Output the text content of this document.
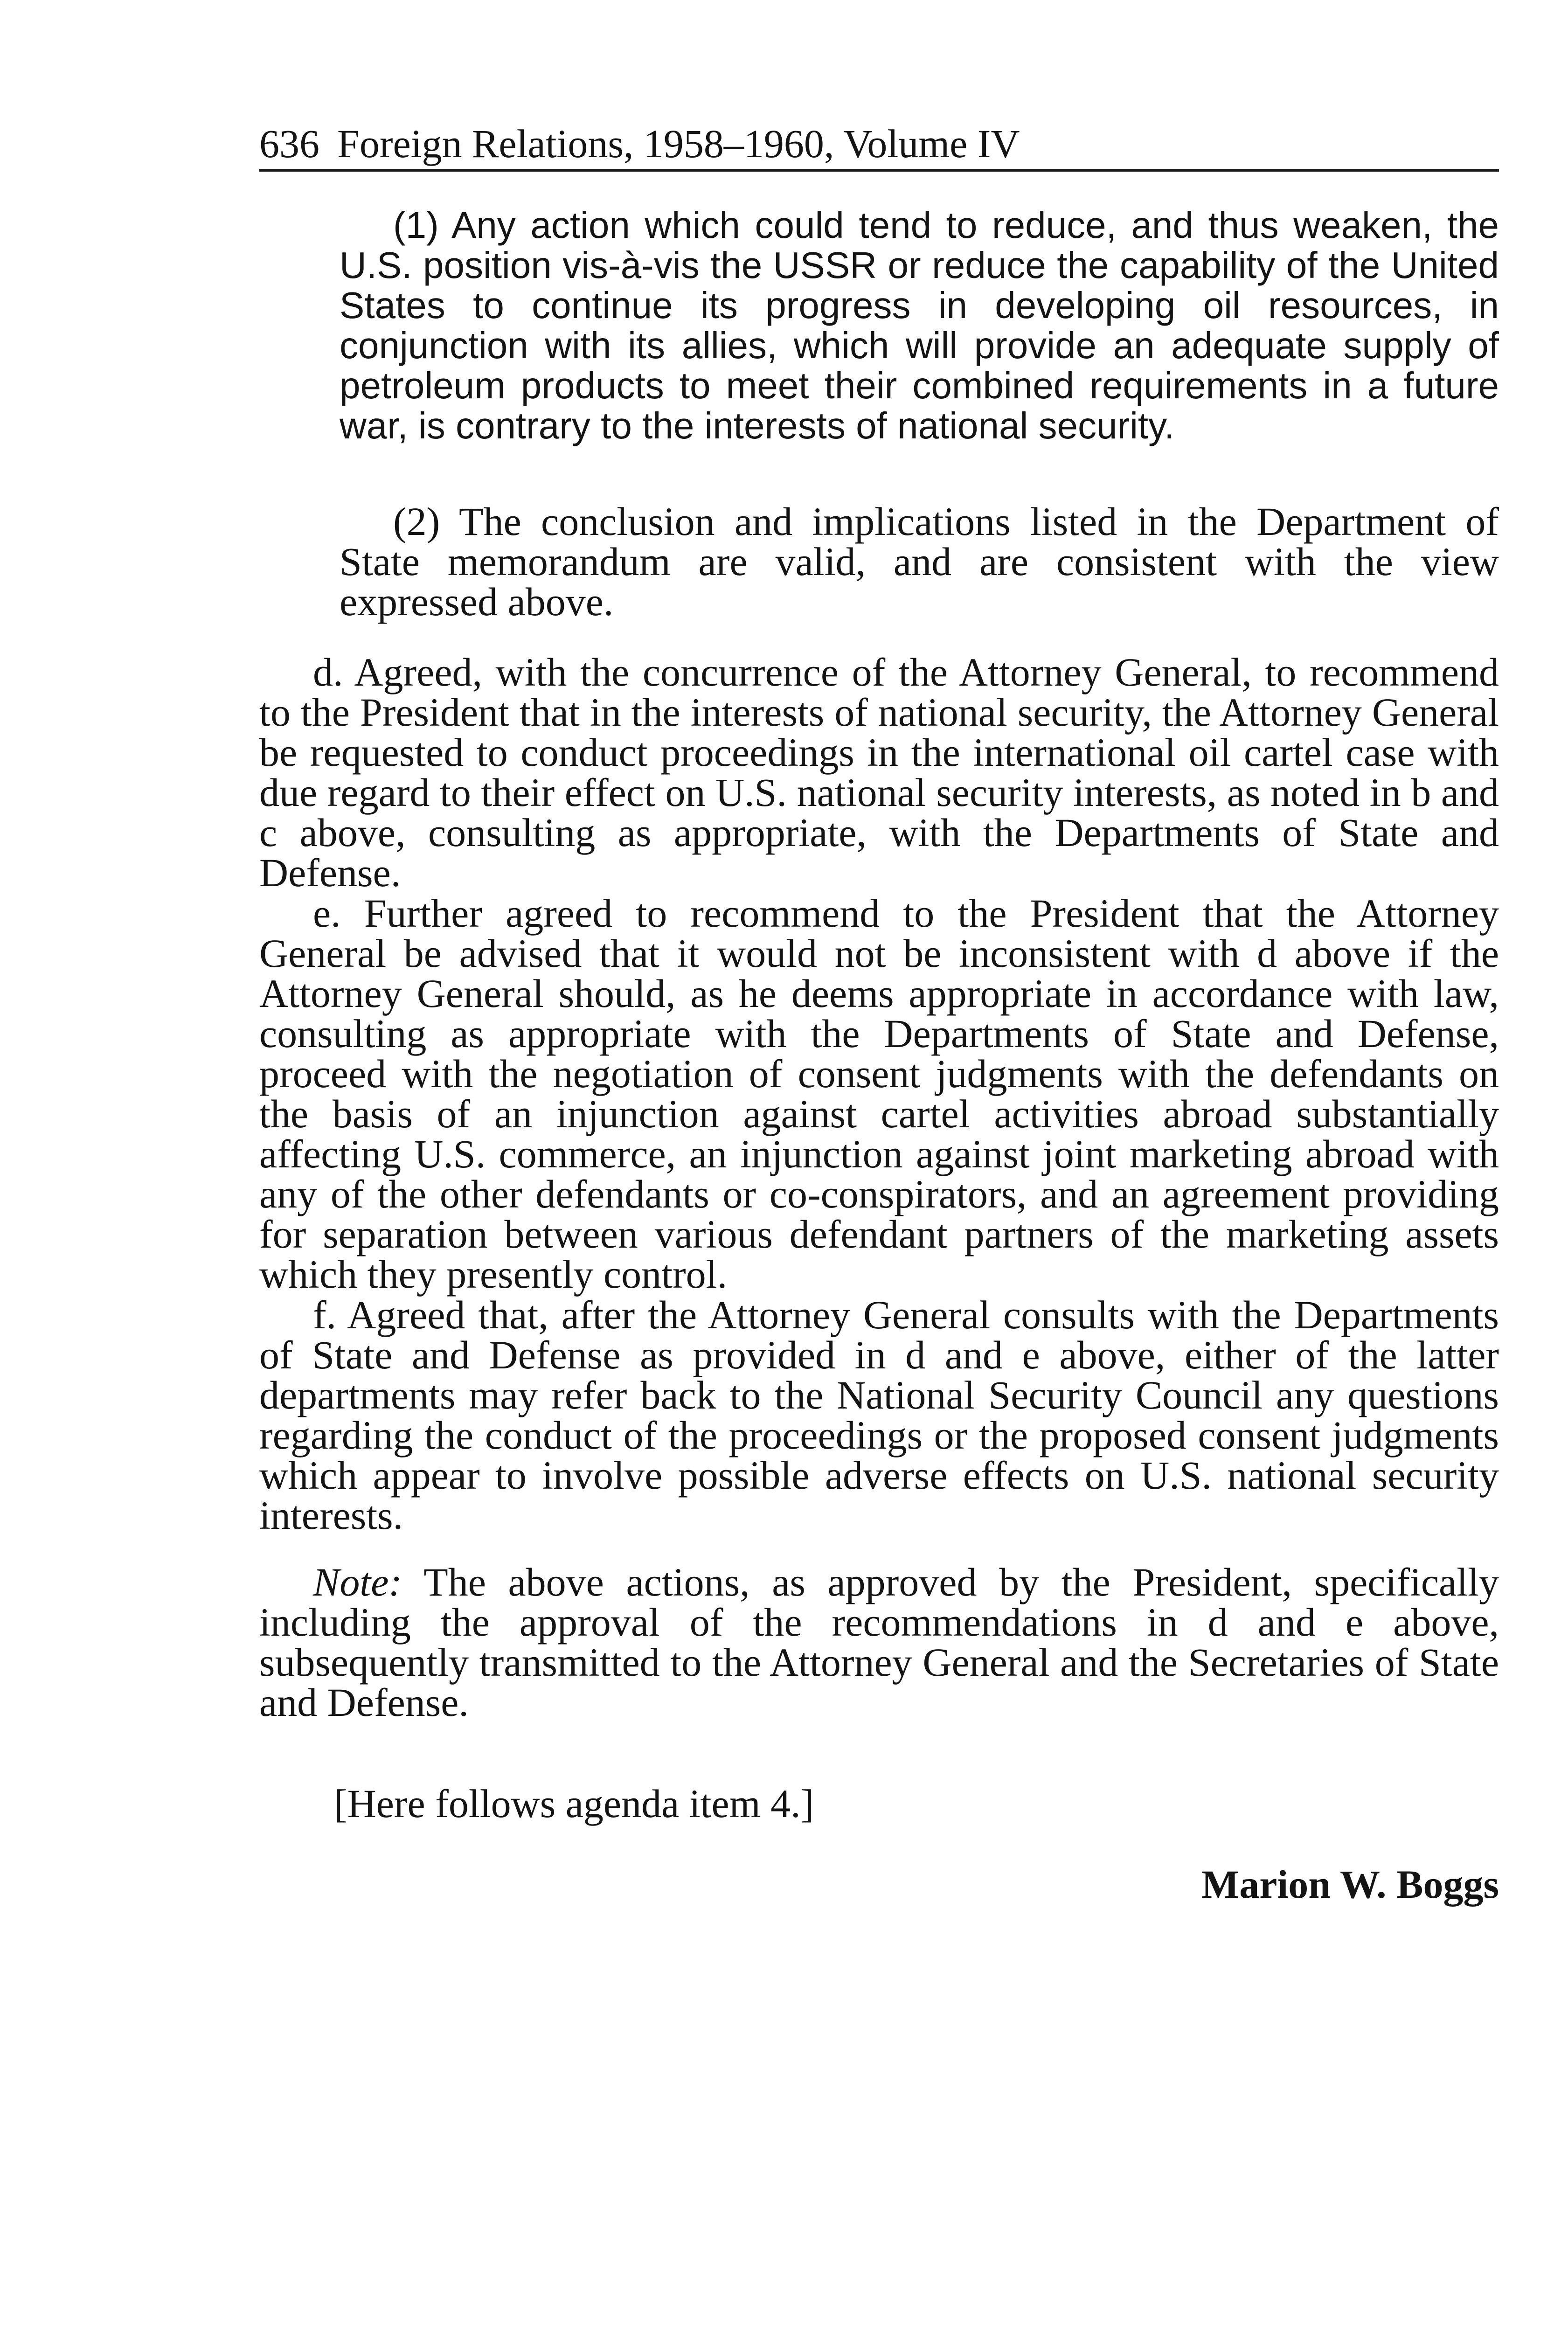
636 Foreign Relations, 1958–1960, Volume IV

(1) Any action which could tend to reduce, and thus weaken, the U.S. position vis-à-vis the USSR or reduce the capability of the United States to continue its progress in developing oil resources, in conjunction with its allies, which will provide an adequate supply of petroleum products to meet their combined requirements in a future war, is contrary to the interests of national security.

(2) The conclusion and implications listed in the Department of State memorandum are valid, and are consistent with the view expressed above.

d. Agreed, with the concurrence of the Attorney General, to recommend to the President that in the interests of national security, the Attorney General be requested to conduct proceedings in the international oil cartel case with due regard to their effect on U.S. national security interests, as noted in b and c above, consulting as appropriate, with the Departments of State and Defense.

e. Further agreed to recommend to the President that the Attorney General be advised that it would not be inconsistent with d above if the Attorney General should, as he deems appropriate in accordance with law, consulting as appropriate with the Departments of State and Defense, proceed with the negotiation of consent judgments with the defendants on the basis of an injunction against cartel activities abroad substantially affecting U.S. commerce, an injunction against joint marketing abroad with any of the other defendants or co-conspirators, and an agreement providing for separation between various defendant partners of the marketing assets which they presently control.

f. Agreed that, after the Attorney General consults with the Departments of State and Defense as provided in d and e above, either of the latter departments may refer back to the National Security Council any questions regarding the conduct of the proceedings or the proposed consent judgments which appear to involve possible adverse effects on U.S. national security interests.

Note: The above actions, as approved by the President, specifically including the approval of the recommendations in d and e above, subsequently transmitted to the Attorney General and the Secretaries of State and Defense.

[Here follows agenda item 4.]
Marion W. Boggs
